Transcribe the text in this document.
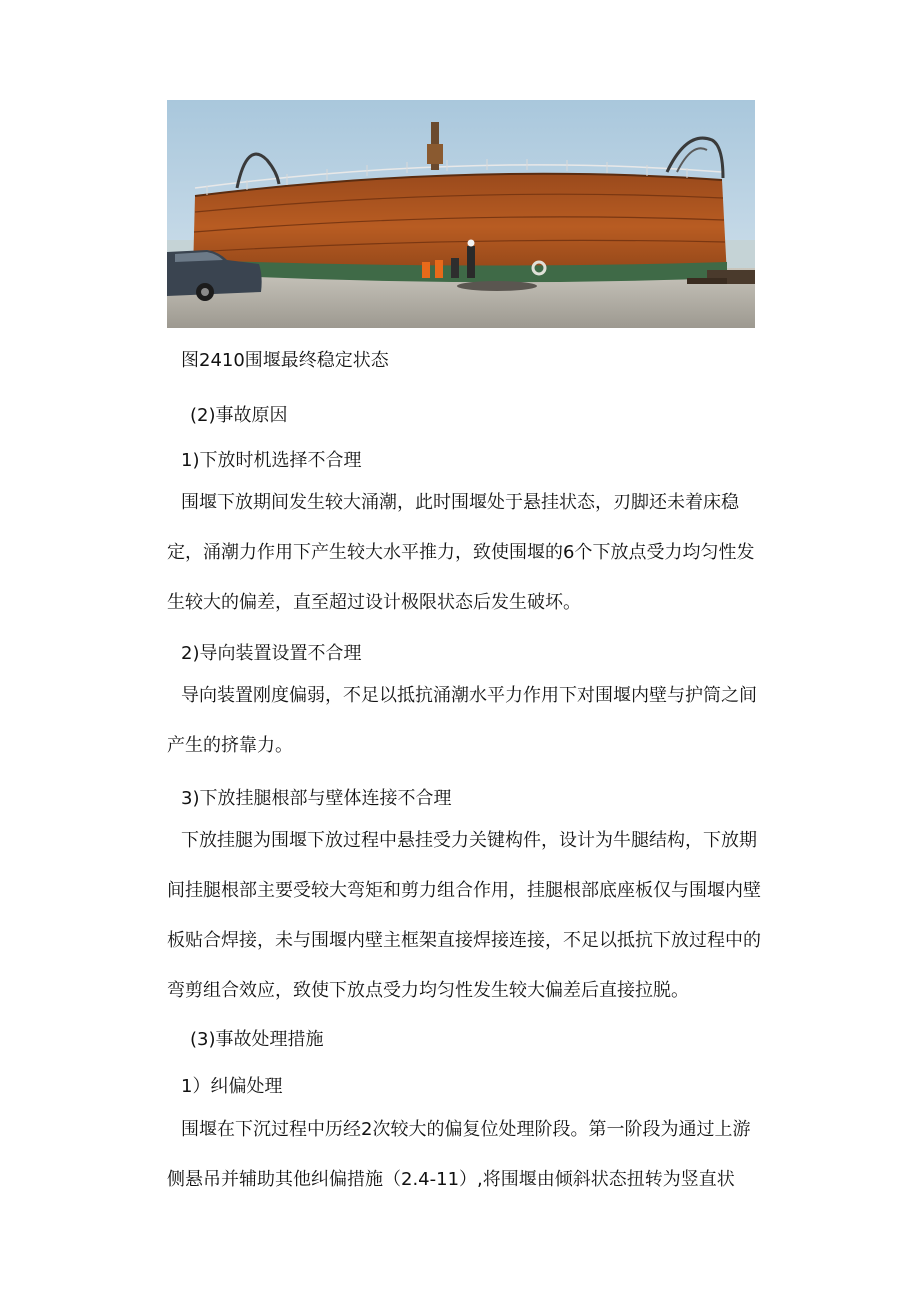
图2410围堰最终稳定状态
(2)事故原因
1)下放时机选择不合理

围堰下放期间发生较大涌潮，此时围堰处于悬挂状态，刃脚还未着床稳定，涌潮力作用下产生较大水平推力，致使围堰的6个下放点受力均匀性发生较大的偏差，直至超过设计极限状态后发生破坏。

2)导向装置设置不合理

导向装置刚度偏弱，不足以抵抗涌潮水平力作用下对围堰内壁与护筒之间产生的挤靠力。

3)下放挂腿根部与壁体连接不合理

下放挂腿为围堰下放过程中悬挂受力关键构件，设计为牛腿结构，下放期间挂腿根部主要受较大弯矩和剪力组合作用，挂腿根部底座板仅与围堰内壁板贴合焊接，未与围堰内壁主框架直接焊接连接，不足以抵抗下放过程中的弯剪组合效应，致使下放点受力均匀性发生较大偏差后直接拉脱。

(3)事故处理措施
1）纠偏处理

围堰在下沉过程中历经2次较大的偏复位处理阶段。第一阶段为通过上游侧悬吊并辅助其他纠偏措施（2.4-11）,将围堰由倾斜状态扭转为竖直状
